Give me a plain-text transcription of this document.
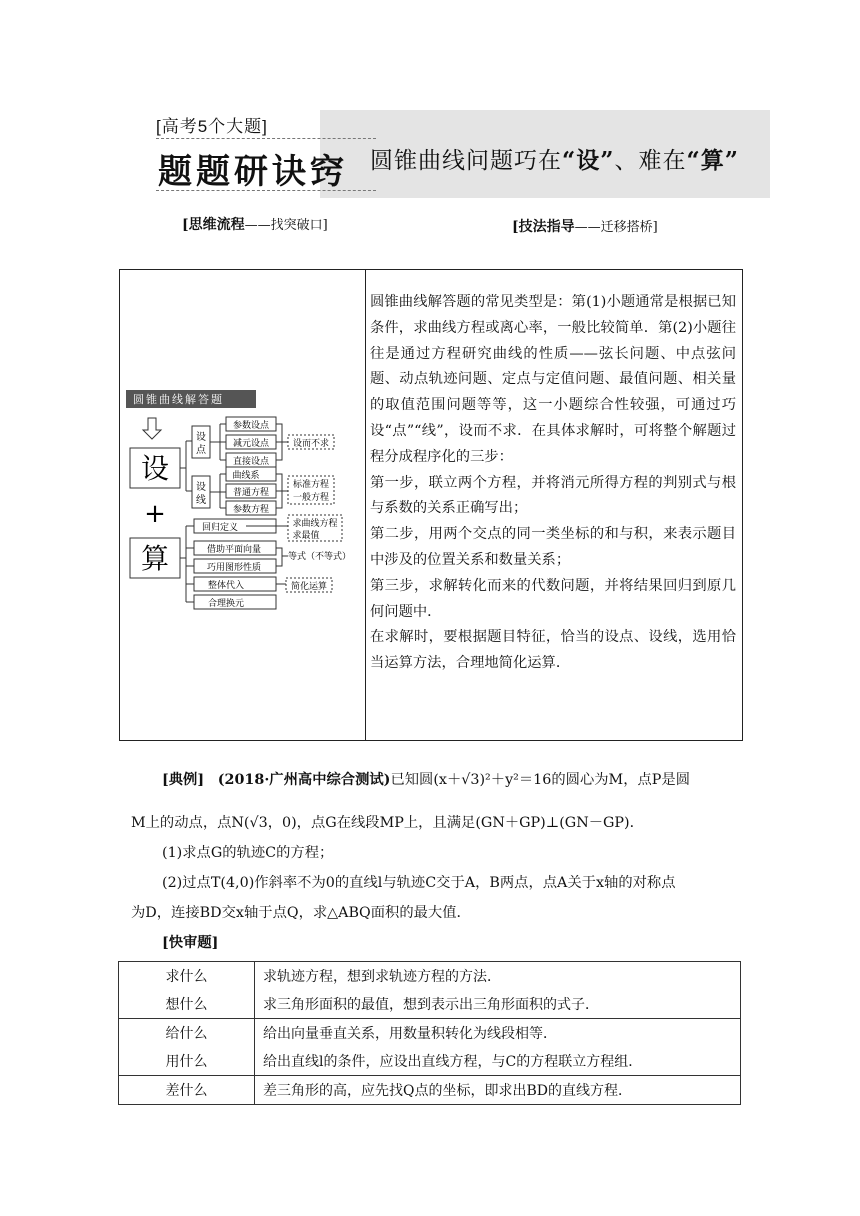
[高考5个大题]
题题研诀窍 圆锥曲线问题巧在“设”、难在“算”
[思维流程——找突破口]	[技法指导——迁移搭桥]
圆锥曲线解答题
设
+
算
设
点
设
线
参数设点
减元设点
直接设点
设而不求
曲线系
普通方程
参数方程
标准方程
一般方程
回归定义
借助平面向量
巧用图形性质
整体代入
合理换元
求曲线方程
求最值
等式（不等式）
简化运算

圆锥曲线解答题的常见类型是：第(1)小题通常是根据已知条件，求曲线方程或离心率，一般比较简单．第(2)小题往往是通过方程研究曲线的性质——弦长问题、中点弦问题、动点轨迹问题、定点与定值问题、最值问题、相关量的取值范围问题等等，这一小题综合性较强，可通过巧设“点”“线”，设而不求．在具体求解时，可将整个解题过程分成程序化的三步：

第一步，联立两个方程，并将消元所得方程的判别式与根与系数的关系正确写出；

第二步，用两个交点的同一类坐标的和与积，来表示题目中涉及的位置关系和数量关系；

第三步，求解转化而来的代数问题，并将结果回归到原几何问题中．

在求解时，要根据题目特征，恰当的设点、设线，选用恰当运算方法，合理地简化运算．

[典例] (2018·广州高中综合测试)已知圆(x＋√3)²＋y²＝16的圆心为M，点P是圆
M上的动点，点N(√3，0)，点G在线段MP上，且满足(GN＋GP)⊥(GN－GP)．
(1)求点G的轨迹C的方程；
(2)过点T(4,0)作斜率不为0的直线l与轨迹C交于A，B两点，点A关于x轴的对称点
为D，连接BD交x轴于点Q，求△ABQ面积的最大值．
[快审题]
求什么	求轨迹方程，想到求轨迹方程的方法．
想什么	求三角形面积的最值，想到表示出三角形面积的式子．
给什么	给出向量垂直关系，用数量积转化为线段相等．
用什么	给出直线l的条件，应设出直线方程，与C的方程联立方程组．
差什么	差三角形的高，应先找Q点的坐标，即求出BD的直线方程．
